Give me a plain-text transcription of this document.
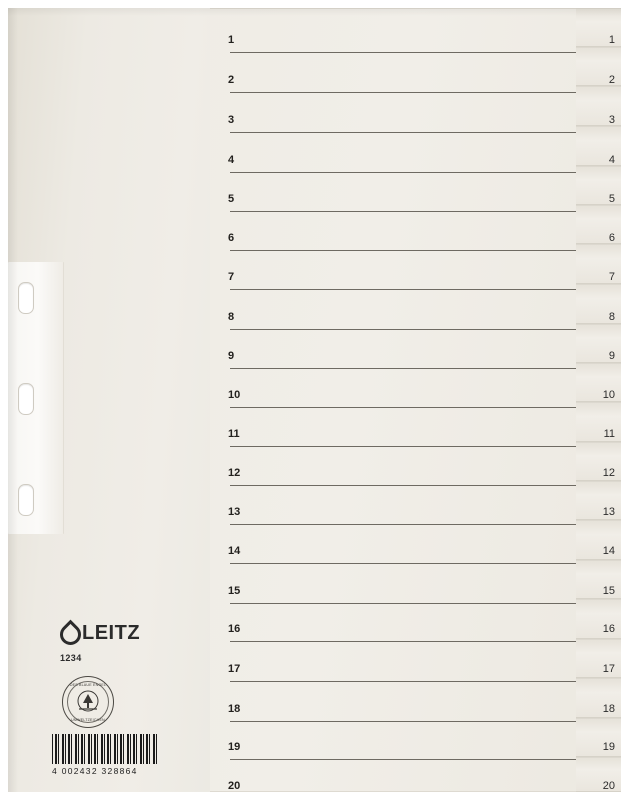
1
2
3
4
5
6
7
8
9
10
11
12
13
14
15
16
17
18
19
20
1
2
3
4
5
6
7
8
9
10
11
12
13
14
15
16
17
18
19
20
LEITZ
1234
DES BLAUE ENGEL
UMWELTZEICHEN
4 002432 328864
